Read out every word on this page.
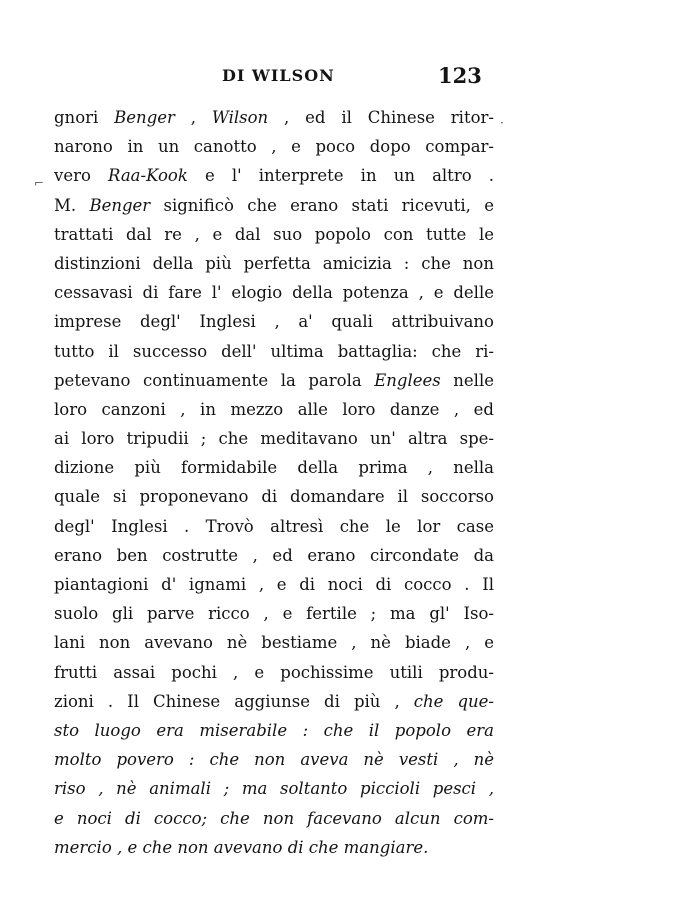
DI WILSON	123
·
⌐
gnori Benger , Wilson , ed il Chinese ritor-
narono in un canotto , e poco dopo compar-
vero Raa-Kook e l' interprete in un altro .
M. Benger significò che erano stati ricevuti, e
trattati dal re , e dal suo popolo con tutte le
distinzioni della più perfetta amicizia : che non
cessavasi di fare l' elogio della potenza , e delle
imprese degl' Inglesi , a' quali attribuivano
tutto il successo dell' ultima battaglia: che ri-
petevano continuamente la parola Englees nelle
loro canzoni , in mezzo alle loro danze , ed
ai loro tripudii ; che meditavano un' altra spe-
dizione più formidabile della prima , nella
quale si proponevano di domandare il soccorso
degl' Inglesi . Trovò altresì che le lor case
erano ben costrutte , ed erano circondate da
piantagioni d' ignami , e di noci di cocco . Il
suolo gli parve ricco , e fertile ; ma gl' Iso-
lani non avevano nè bestiame , nè biade , e
frutti assai pochi , e pochissime utili produ-
zioni . Il Chinese aggiunse di più , che que-
sto luogo era miserabile : che il popolo era
molto povero : che non aveva nè vesti , nè
riso , nè animali ; ma soltanto piccioli pesci ,
e noci di cocco; che non facevano alcun com-
mercio , e che non avevano di che mangiare.
